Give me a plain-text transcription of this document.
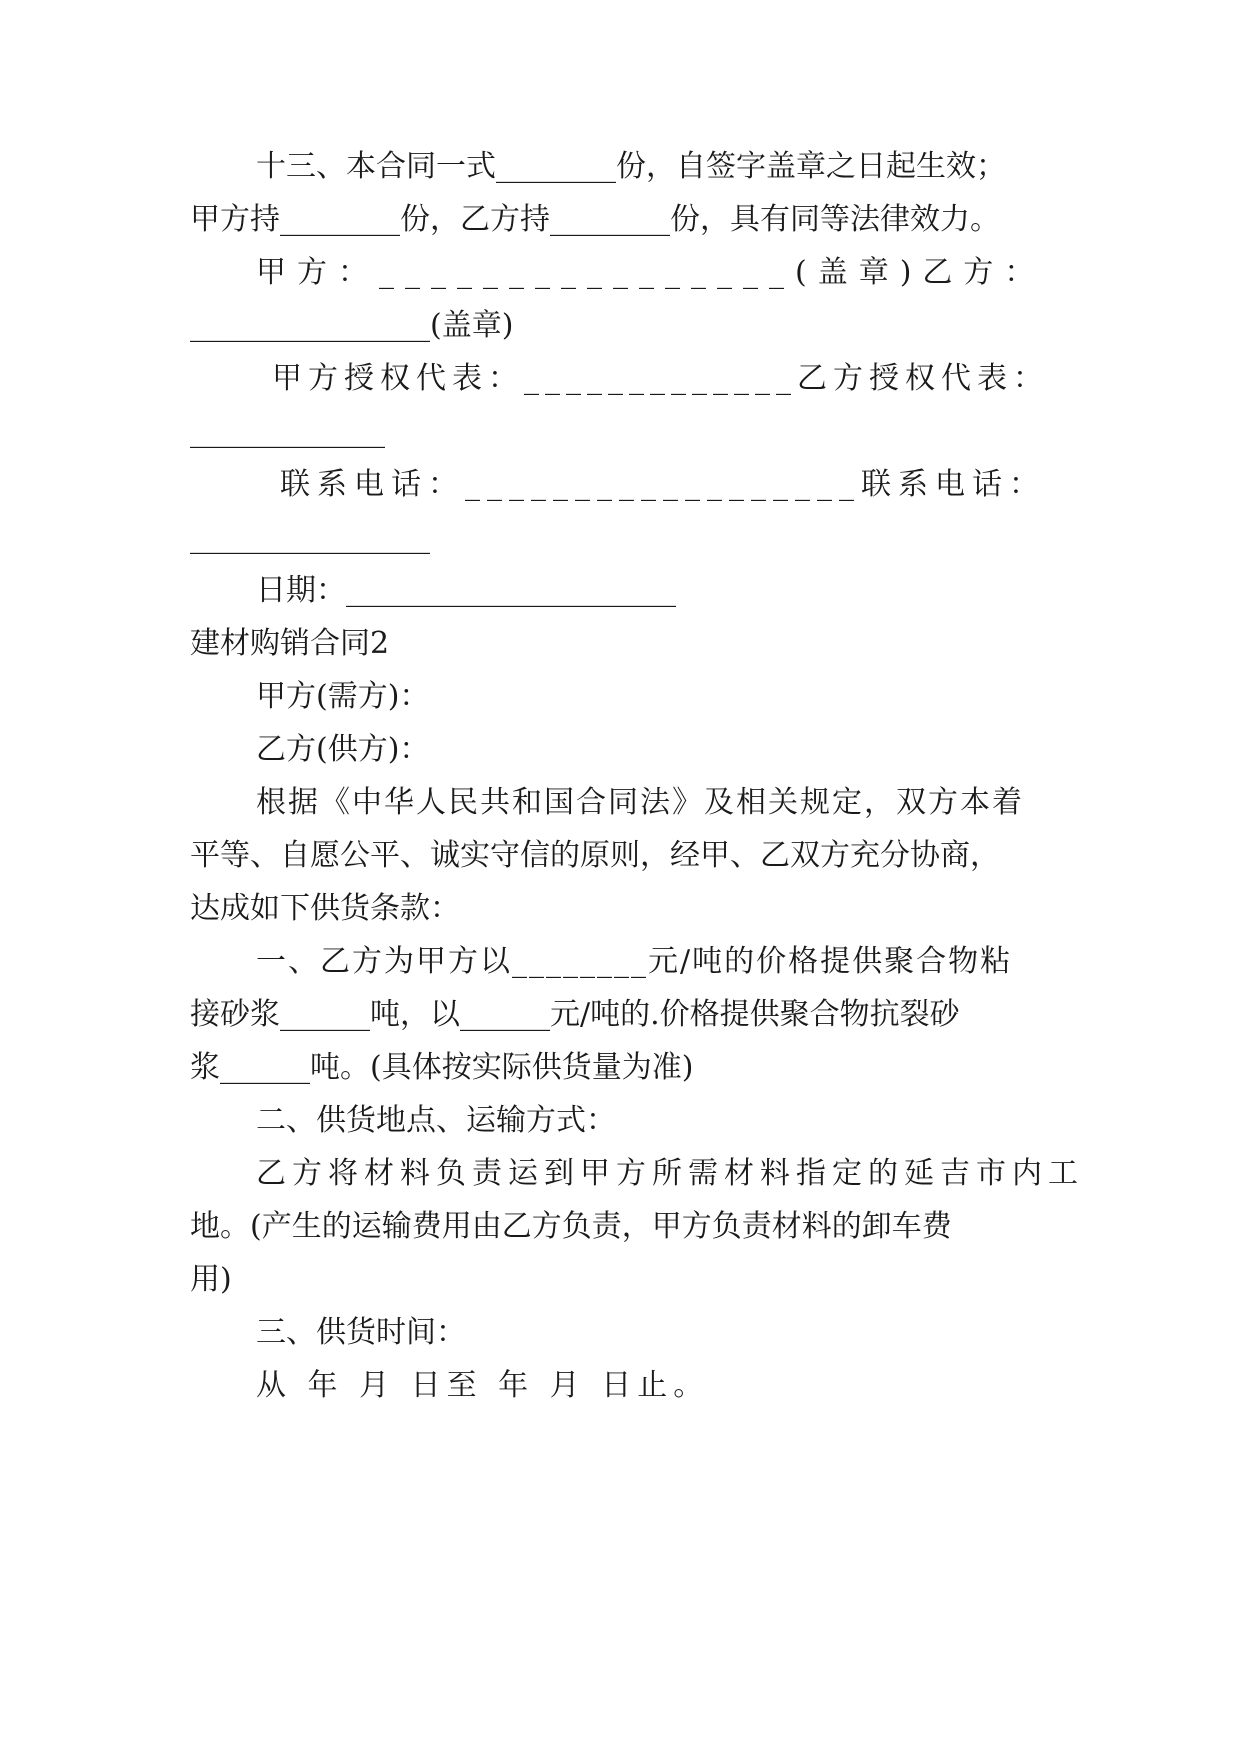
十三、本合同一式________份，自签字盖章之日起生效；
甲方持________份，乙方持________份，具有同等法律效力。
甲方：________________(盖章)乙方：
________________(盖章)
甲方授权代表：_____________乙方授权代表：
_____________
联系电话：__________________联系电话：
________________
日期：______________________
建材购销合同2
甲方(需方)：
乙方(供方)：
根据《中华人民共和国合同法》及相关规定，双方本着
平等、自愿公平、诚实守信的原则，经甲、乙双方充分协商，
达成如下供货条款：
一、乙方为甲方以________元/吨的价格提供聚合物粘
接砂浆______吨，以______元/吨的.价格提供聚合物抗裂砂
浆______吨。(具体按实际供货量为准)
二、供货地点、运输方式：
乙方将材料负责运到甲方所需材料指定的延吉市内工
地。(产生的运输费用由乙方负责，甲方负责材料的卸车费
用)
三、供货时间：
从 年 月 日至 年 月 日止。
